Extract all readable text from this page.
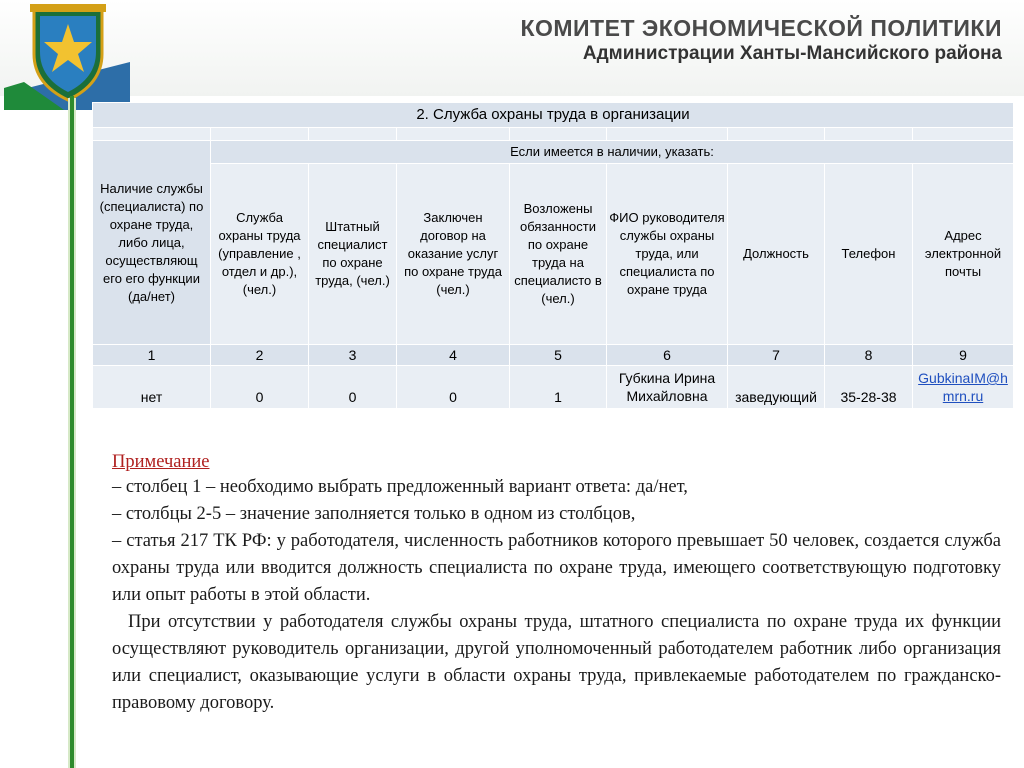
КОМИТЕТ ЭКОНОМИЧЕСКОЙ ПОЛИТИКИ
Администрации Ханты-Мансийского района
2. Служба охраны труда в организации								

Наличие службы (специалиста) по охране труда, либо лица, осуществляющ его его функции (да/нет)	Если имеется в наличии, указать:							
	Служба охраны труда (управление , отдел и др.), (чел.)	Штатный специалист по охране труда, (чел.)	Заключен договор на оказание услуг по охране труда (чел.)	Возложены обязанности по охране труда на специалисто в (чел.)	ФИО руководителя службы охраны труда, или специалиста по охране труда	Должность	Телефон	Адрес электронной почты
1	2	3	4	5	6	7	8	9
нет	0	0	0	1	Губкина Ирина Михайловна	заведующий	35-28-38	GubkinaIM@hmrn.ru
Примечание

– столбец 1 – необходимо выбрать предложенный вариант ответа: да/нет,

– столбцы 2-5 – значение заполняется только в одном из столбцов,

– статья 217 ТК РФ: у работодателя, численность работников которого превышает 50 человек, создается служба охраны труда или вводится должность специалиста по охране труда, имеющего соответствующую подготовку или опыт работы в этой области.

При отсутствии у работодателя службы охраны труда, штатного специалиста по охране труда их функции осуществляют руководитель организации, другой уполномоченный работодателем работник либо организация или специалист, оказывающие услуги в области охраны труда, привлекаемые работодателем по гражданско-правовому договору.
